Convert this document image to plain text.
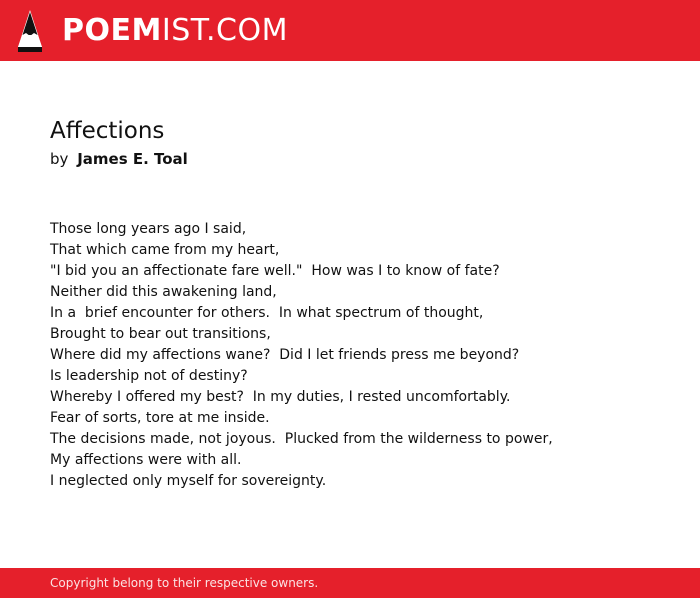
POEMIST.COM
Affections
by James E. Toal
Those long years ago I said,
That which came from my heart,
"I bid you an affectionate fare well."  How was I to know of fate?
Neither did this awakening land,
In a  brief encounter for others.  In what spectrum of thought,
Brought to bear out transitions,
Where did my affections wane?  Did I let friends press me beyond?
Is leadership not of destiny?
Whereby I offered my best?  In my duties, I rested uncomfortably.
Fear of sorts, tore at me inside.
The decisions made, not joyous.  Plucked from the wilderness to power,
My affections were with all.
I neglected only myself for sovereignty.
Copyright belong to their respective owners.
